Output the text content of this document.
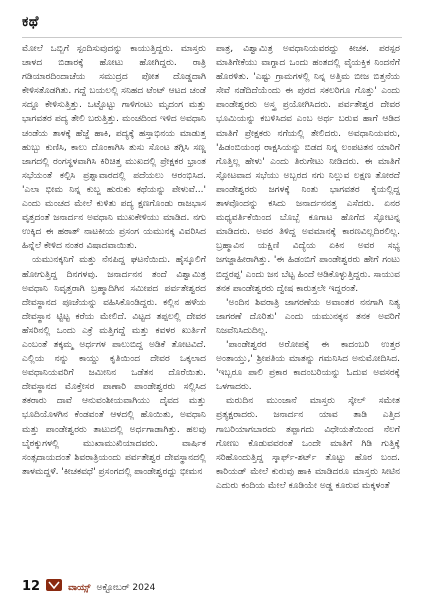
ಕಥೆ

ಮೋಲೆ ಒಬ್ಬಿಗೆ ಸ್ಪಂದಿಸುವುದನ್ನು ಕಾಯುತ್ತಿದ್ದರು. ಮಾಸ್ತರು ಚಾಳದ ಬಿಡಾರಕ್ಕೆ ಹೋಟು ಹೋಗಿದ್ದರು. ರಾತ್ರಿ ಗಡಿಯಾರದಿಂದಾಚೆಯ ಸಮುದ್ರದ ಪೋತ ದೊಡ್ಡದಾಗಿ ಕೇಳಿಸತೊಡಗಿತು. ಗದ್ದೆ ಬಯಲಲ್ಲಿ ಸನಿಹದ ಟೆಂಟ್ ಆಟದ ಚಂಡೆ ಸದ್ದೂ ಕೇಳಿಸುತ್ತಿತ್ತು. ಒಟ್ಟೊಟ್ಟು ಗಾಳಿಗಂಟು ಮೃದಂಗ ಮತ್ತು ಭಾಗವತರ ಪದ್ಯ ತೇಲಿ ಬರುತ್ತಿತ್ತು. ಮಂಚದಿಂದ ಇಳಿದ ಅವಧಾನಿ ಚಂಡೆಯ ತಾಳಕ್ಕೆ ಹೆಜ್ಜೆ ಹಾಕಿ, ಪದ್ಯಕ್ಕೆ ಹಸ್ತಾಭಿನಯ ಮಾಡುತ್ತ ಹುಬ್ಬು ಕುಣಿಸಿ, ಕಾಲು ದೊಂಕಾಗಿಸಿ ತುಸು ಸೊಂಟ ತಗ್ಗಿಸಿ ಸಣ್ಣ ಜಾಗದಲ್ಲಿ ರಂಗಸ್ಥಳವಾಗಿಸಿ ಕಿರಿಚಿತ್ತ ಮುಖದಲ್ಲಿ ಪ್ರೇಕ್ಷಕರ ಭ್ರಾಂತ ಸಭೆಯಂತೆ ಕಲ್ಪಿಸಿ ಪ್ರಶ್ನಾವಾರದಲ್ಲಿ ಪದೆಯಲು ಆರಂಭಿಸಿದ. 'ಎಲಾ ಭೀಮ ನಿನ್ನ ಕುಬ್ಜ ಹುರುಕು ಕಥೆಯನ್ನು ಪೇಳುವೆ...' ಎಂದು ಮಂಚದ ಮೇಲೆ ಕುಳಿತು ಪದ್ಯ ಕ್ಷಣಗೊಂಡು ರಾಜಭಾಸ ವೃತ್ತದಂತೆ ಜನಾರ್ದನ ಅವಧಾನಿ ಮುಖಕೇಳಿಯು ಮಾಡಿದ. ನಗು ಉಕ್ಕಿದ ಈ ಹಠಾತ್ ನಾಟಕೀಯ ಪ್ರಸಂಗ ಯಮುನಕ್ಕ ವಿವರಿಸಿದ ಹಿನ್ನೆಲೆ ಕೇಳಿದ ನಂತರ ವಿಷಾದವಾಯಿತು.

ಯಮುನಕ್ಕನಿಗೆ ಮತ್ತು ನೆನಪಿದ್ದ ಘಟನೆಯಿದು. ಹೈಸ್ಕೂಲಿಗೆ ಹೋಗುತ್ತಿದ್ದ ದಿನಗಳವು. ಜನಾರ್ದನನ ತಂದೆ ವಿಶ್ವಾಮಿತ್ರ ಅವಧಾನಿ ನಿವೃತ್ತರಾಗಿ ಬ್ರಹ್ಮಾದಿಗಿನ ಸಮೀಪದ ಪರ್ವತೇಶ್ವರದ ದೇವಸ್ಥಾನದ ಪೂಜೆಯನ್ನು ವಹಿಸಿಕೊಂಡಿದ್ದರು. ಕಲ್ಲಿನ ಹಳೆಯ ದೇವಸ್ಥಾನ ಟ್ಟಿಟ್ಟ ಕರೆಯ ಮೇಲಿದೆ. ವಿಟ್ಟದ ತಪ್ಪಲಲ್ಲಿ ದೇವರ ಹೆಸರಿನಲ್ಲಿ ಒಂದು ಎಕ್ರೆ ಮತ್ತಿಗದ್ದೆ ಮತ್ತು ಕವಳರ ಖುರ್ತಿಗೆ ಎಂಬಂತೆ ತಕ್ಕಮ್ಮ ಅರ್ಧಗಳ ಪಾಲುಬಿದ್ದ ಅಡಿಕೆ ತೋಟವಿದೆ. ಎಲ್ಲಿಯ ನನ್ನು ಕಾಯ್ದು ಕೃತಿಯಿಂದ ದೇವರ ಒಕ್ಕಲಾದ ಅವಧಾನಿಯವರಿಗೆ ಜಮೀನಿನ ಒಡೆತನ ದೊರೆಯಿತು. ದೇವಸ್ಥಾನದ ಮೊಕ್ತೇಸರ ಪಾಣಾರಿ ಪಾಂಡೇಶ್ವರರು ಸಲ್ಲಿಸಿದ ತಕರಾರು ದಾವೆ ಆನುವಂಶೀಯವಾಗಿಯು ದೈವದ ಮತ್ತು ಭೂದಿಯೊಳಗಿನ ಕೆಂಡವಂತೆ ಆಳದಲ್ಲಿ ಹೊಯಿತು, ಅವಧಾನಿ ಮತ್ತು ಪಾಂಡೇಶ್ವರರು ತಾಟುದಲ್ಲಿ ಅರ್ಧಗಾಡಾಗಿತ್ತು. ಹಲವು ಬೈಠಕ್ಕುಗಳಲ್ಲಿ ಮುಖಾಮುಖಿಯಾದವರು. ವಾರ್ಷಿಕ ಸಂತ್ಸದಾಯದಂತೆ ಶಿವರಾತ್ರಿಯಂದು ಪರ್ವತೇಶ್ವರ ದೇವಸ್ಥಾನದಲ್ಲಿ ತಾಳಮದ್ದಳೆ. 'ಕೀಚಕವಧೆ' ಪ್ರಸಂಗದಲ್ಲಿ ಪಾಂಡೇಶ್ವರದ್ದು ಭೀಮನ

ಪಾತ್ರ, ವಿಶ್ವಾಮಿತ್ರ ಅವಧಾನಿಯವರದ್ದು ಕೀಚಕ. ಪರಸ್ಪರ ಮಾತಿಗೇಕೆಯು ವಾಗ್ದಾದ ಒಂದು ಹಂತದಲ್ಲಿ ವೈಯಕ್ತಿಕ ನಿಂದನೆಗೆ ಹೊರಳಿತು. 'ಎಷ್ಟು ಗ್ರಾಮಗಳಲ್ಲಿ ನಿನ್ನ ಅತ್ತಿಮ ಬೀಜ ಬಿತ್ತನೆಯ ಸೇವೆ ನಡೆದಿದೆಯೆಂದು ಈ ಪುರದ ಸಕಲರಿಗೂ ಗೊತ್ತು' ಎಂದು ಪಾಂಡೇಶ್ವರರು ಅಸ್ತ್ರ ಪ್ರಯೋಗಿಸಿದರು. ಪರ್ವತೇಶ್ವರ ದೇವರ ಭೂಮಿಯನ್ನು ಕಬಳಿಸಿದವ ಎಂಬ ಅರ್ಥ ಬರುವ ಹಾಗೆ ಆಡಿದ ಮಾತಿಗೆ ಪ್ರೇಕ್ಷಕರು ನಗೆಯಲ್ಲಿ ತೇಲಿದರು. ಅವಧಾನಿಯವರು, 'ಹಿಡಂಬಿಯಂಥ ರಾಕ್ಷಸಿಯನ್ನು ಬಿಡದ ನಿನ್ನ ಲಂಪಟತನ ಯಾರಿಗೆ ಗೊತ್ತಿಲ್ಲ ಹೇಳು' ಎಂದು ತಿರುಗೇಟು ನೀಡಿದರು. ಈ ಮಾತಿಗೆ ಸ್ಫೋಟವಾದ ಸಭೆಯು ಅಬ್ಬರದ ನಗು ನಿಲ್ಲುವ ಲಕ್ಷಣ ತೋರದೆ ಪಾಂಡೇಶ್ವರರು ಜಗಳಕ್ಕೆ ನಿಂತು ಭಾಗವತರ ಕೈಯಲ್ಲಿದ್ದ ತಾಳವೊಂದನ್ನು ಕಸಿದು ಜನಾರ್ದನನತ್ತ ಎಸೆದರು. ಏನರ ಮಧ್ಯವರ್ತಿಕೆಯಿಂದ ಬೊಬ್ಬೆ ಕೂಗಾಟ ಹೊಗೆದ ಸ್ಫೋಟನ್ನ ಮಾಡಿದರು. ಅವರ ತಿಳಿದ್ದ ಅವಮಾನಕ್ಕೆ ಕಾರಣವಿಲ್ಲದಿರಲಿಲ್ಲ. ಬ್ರಹ್ಮಾವಿನ ಯಕ್ಷಿಣಿ ವಿದ್ಯೆಯ ಏಕಿನ ಅವರ ಸಭ್ಯ ಜಗಜ್ಜಾಹೀರಾಗಿತ್ತು. 'ಈ ಹಿಡಂಬಿಗೆ ಪಾಂಡೇಶ್ವರರು ಹೇಗೆ ಗಂಟು ಬಿದ್ದರಪ್ಪ' ಎಂದು ಜನ ಬೆಟ್ಟ ಹಿಂದೆ ಆಡಿಕೊಳ್ಳುತ್ತಿದ್ದರು. ಸಾಯುವ ತನಕ ಪಾಂಡೇಶ್ವರರು ದ್ವೇಷ ಕಾರುತ್ತಲೇ ಇದ್ದರಂತೆ.

'ಅಂದಿನ ಶಿವರಾತ್ರಿ ಜಾಗರಣೆಯ ಅವಾಂತರ ನನಗಾಗಿ ನಿತ್ಯ ಜಾಗರಣೆ ದೊರಿತು' ಎಂದು ಯಮುನಕ್ಕನ ತನಕ ಅವರಿಗೆ ನಿಜವೆನಿಸಿದುದಿಲ್ಲ.

'ಪಾಂಡೇಶ್ವರರ ಅರೋಪಕ್ಕೆ ಈ ಕಾದಂಬರಿ ಉತ್ತರ ಅಂತಾಯ್ತು,' ಶ್ರೀಪತಿಯ ಮಾತನ್ನು ಗಮನಿಸಿದ ಅನುಮೋದಿಸಿದ. 'ಇಬ್ಬರೂ ಪಾಲಿ ಪ್ರಕಾರ ಕಾದಂಬರಿಯನ್ನು ಓದುವ ಅವಸರಕ್ಕೆ ಒಳಗಾದರು.

ಮರುದಿನ ಮುಂಜಾನೆ ಮಾಸ್ತರು ಸ್ಕೇಲ್ ಸಮೇತ ಪ್ರತ್ಯಕ್ಷರಾದರು. ಜನಾರ್ದನ ಯಾವ ತಾಡಿ ಎತ್ತಿದ ಗಾಬರಿಯಾಗಬಾರದು ತಪ್ಪಾಗದು ವಿಧೇಯತೆಯಿಂದ ನೆಲಗೆ ಗೋಣು ಕೊಡುವವರಂತೆ ಒಂದೇ ಮಾತಿಗೆ ಗಿಡಿ ಗುತ್ತಿಕ್ಕೆ ಸರಿಹೊಂದುತ್ತಿದ್ದ ಸ್ಕಾರ್ಫ್-ಶರ್ಟ್ ತೊಟ್ಟು ಹೊರ ಬಂದ. ಕಾರಿಯಡ್ ಮೇಲೆ ಕುರುವು ಹಾಕಿ ಮಾಡಿದರೂ ಮಾಸ್ತರು ಸೀಟಿನ ಎದುರು ಕಂದಿಯ ಮೇಲೆ ಕೂಡಿಯೇ ಅಡ್ಡ ಕೂರುವ ಮಕ್ಕಳಂತೆ

12	ವಾಯ್ಸ್ ಅಕ್ಟೋಬರ್ 2024
